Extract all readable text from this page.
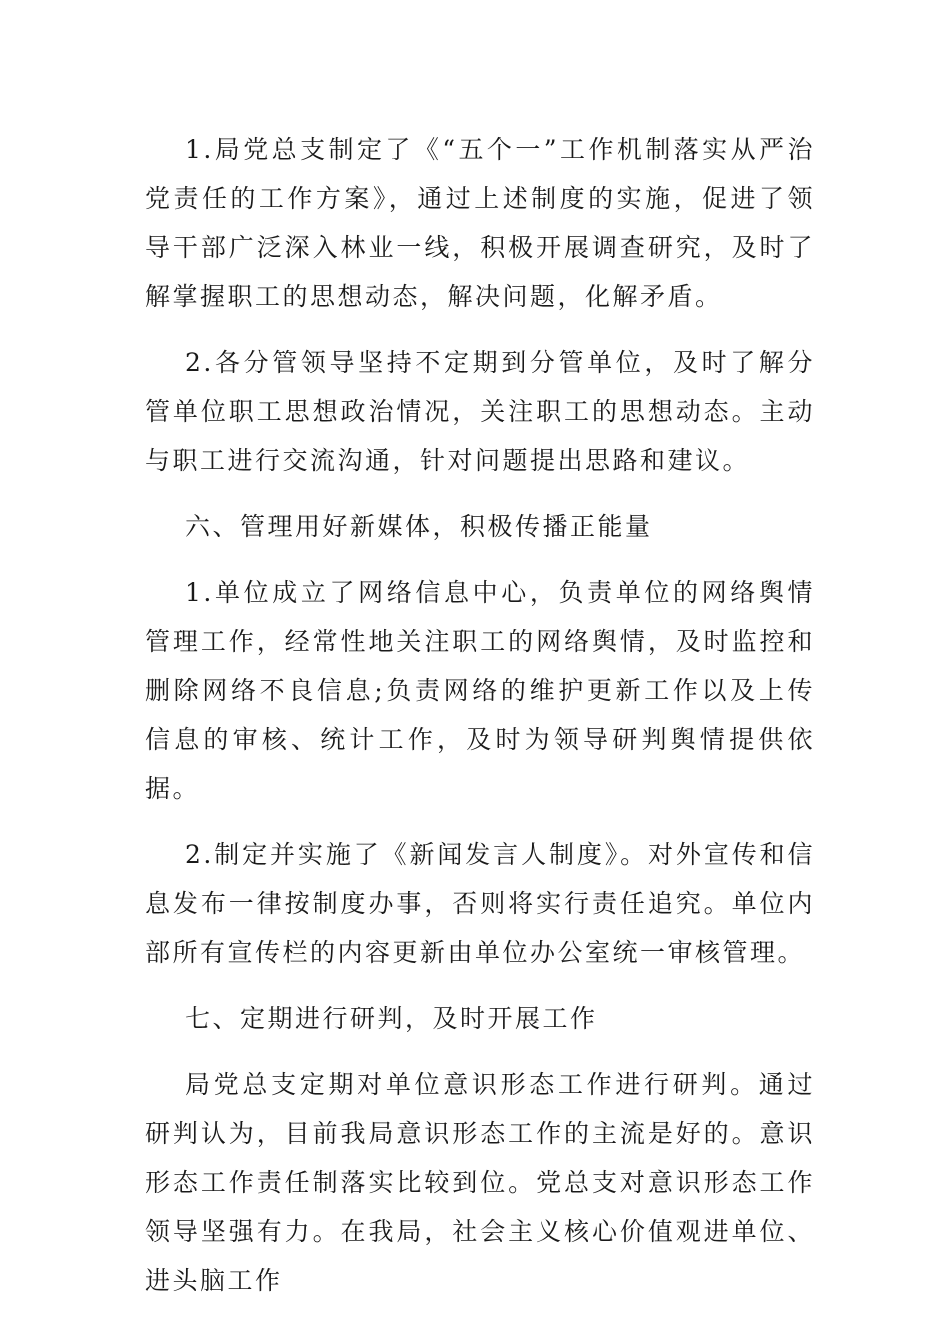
1.局党总支制定了《“五个一”工作机制落实从严治党责任的工作方案》，通过上述制度的实施，促进了领导干部广泛深入林业一线，积极开展调查研究，及时了解掌握职工的思想动态，解决问题，化解矛盾。

2.各分管领导坚持不定期到分管单位，及时了解分管单位职工思想政治情况，关注职工的思想动态。主动与职工进行交流沟通，针对问题提出思路和建议。

六、管理用好新媒体，积极传播正能量

1.单位成立了网络信息中心，负责单位的网络舆情管理工作，经常性地关注职工的网络舆情，及时监控和删除网络不良信息;负责网络的维护更新工作以及上传信息的审核、统计工作，及时为领导研判舆情提供依据。

2.制定并实施了《新闻发言人制度》。对外宣传和信息发布一律按制度办事，否则将实行责任追究。单位内部所有宣传栏的内容更新由单位办公室统一审核管理。

七、定期进行研判，及时开展工作

局党总支定期对单位意识形态工作进行研判。通过研判认为，目前我局意识形态工作的主流是好的。意识形态工作责任制落实比较到位。党总支对意识形态工作领导坚强有力。在我局，社会主义核心价值观进单位、进头脑工作
